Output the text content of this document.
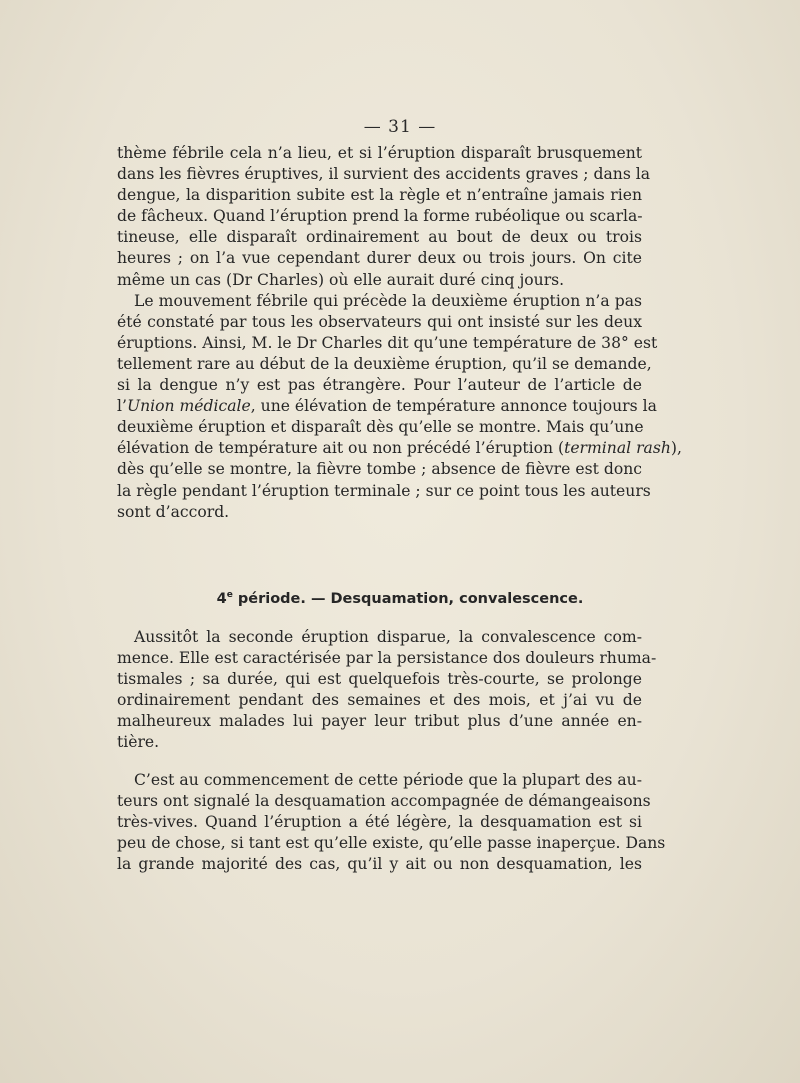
— 31 —
thème fébrile cela n’a lieu, et si l’éruption disparaît brusquement
dans les fièvres éruptives, il survient des accidents graves ; dans la
dengue, la disparition subite est la règle et n’entraîne jamais rien
de fâcheux. Quand l’éruption prend la forme rubéolique ou scarla-
tineuse, elle disparaît ordinairement au bout de deux ou trois
heures ; on l’a vue cependant durer deux ou trois jours. On cite
même un cas (Dr Charles) où elle aurait duré cinq jours.
Le mouvement fébrile qui précède la deuxième éruption n’a pas
été constaté par tous les observateurs qui ont insisté sur les deux
éruptions. Ainsi, M. le Dr Charles dit qu’une température de 38° est
tellement rare au début de la deuxième éruption, qu’il se demande,
si la dengue n’y est pas étrangère. Pour l’auteur de l’article de
l’Union médicale, une élévation de température annonce toujours la
deuxième éruption et disparaît dès qu’elle se montre. Mais qu’une
élévation de température ait ou non précédé l’éruption (terminal rash),
dès qu’elle se montre, la fièvre tombe ; absence de fièvre est donc
la règle pendant l’éruption terminale ; sur ce point tous les auteurs
sont d’accord.
4e période. — Desquamation, convalescence.
Aussitôt la seconde éruption disparue, la convalescence com-
mence. Elle est caractérisée par la persistance dos douleurs rhuma-
tismales ; sa durée, qui est quelquefois très-courte, se prolonge
ordinairement pendant des semaines et des mois, et j’ai vu de
malheureux malades lui payer leur tribut plus d’une année en-
tière.
C’est au commencement de cette période que la plupart des au-
teurs ont signalé la desquamation accompagnée de démangeaisons
très-vives. Quand l’éruption a été légère, la desquamation est si
peu de chose, si tant est qu’elle existe, qu’elle passe inaperçue. Dans
la grande majorité des cas, qu’il y ait ou non desquamation, les
